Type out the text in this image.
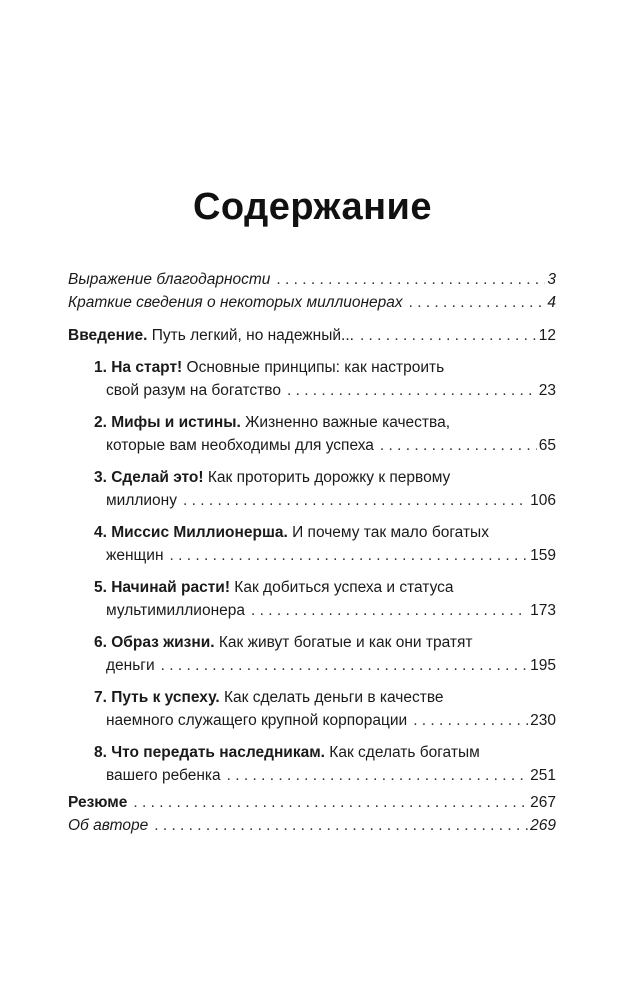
Содержание
Выражение благодарности . . .	3
Краткие сведения о некоторых миллионерах . . .	4
Введение. Путь легкий, но надежный... . . .	12
1. На старт! Основные принципы: как настроить
свой разум на богатство . . .	23
2. Мифы и истины. Жизненно важные качества,
которые вам необходимы для успеха . . .	65
3. Сделай это! Как проторить дорожку к первому
миллиону . . .	106
4. Миссис Миллионерша. И почему так мало богатых
женщин . . .	159
5. Начинай расти! Как добиться успеха и статуса
мультимиллионера . . .	173
6. Образ жизни. Как живут богатые и как они тратят
деньги . . .	195
7. Путь к успеху. Как сделать деньги в качестве
наемного служащего крупной корпорации . . .	230
8. Что передать наследникам. Как сделать богатым
вашего ребенка . . .	251
Резюме . . .	267
Об авторе . . .	269
